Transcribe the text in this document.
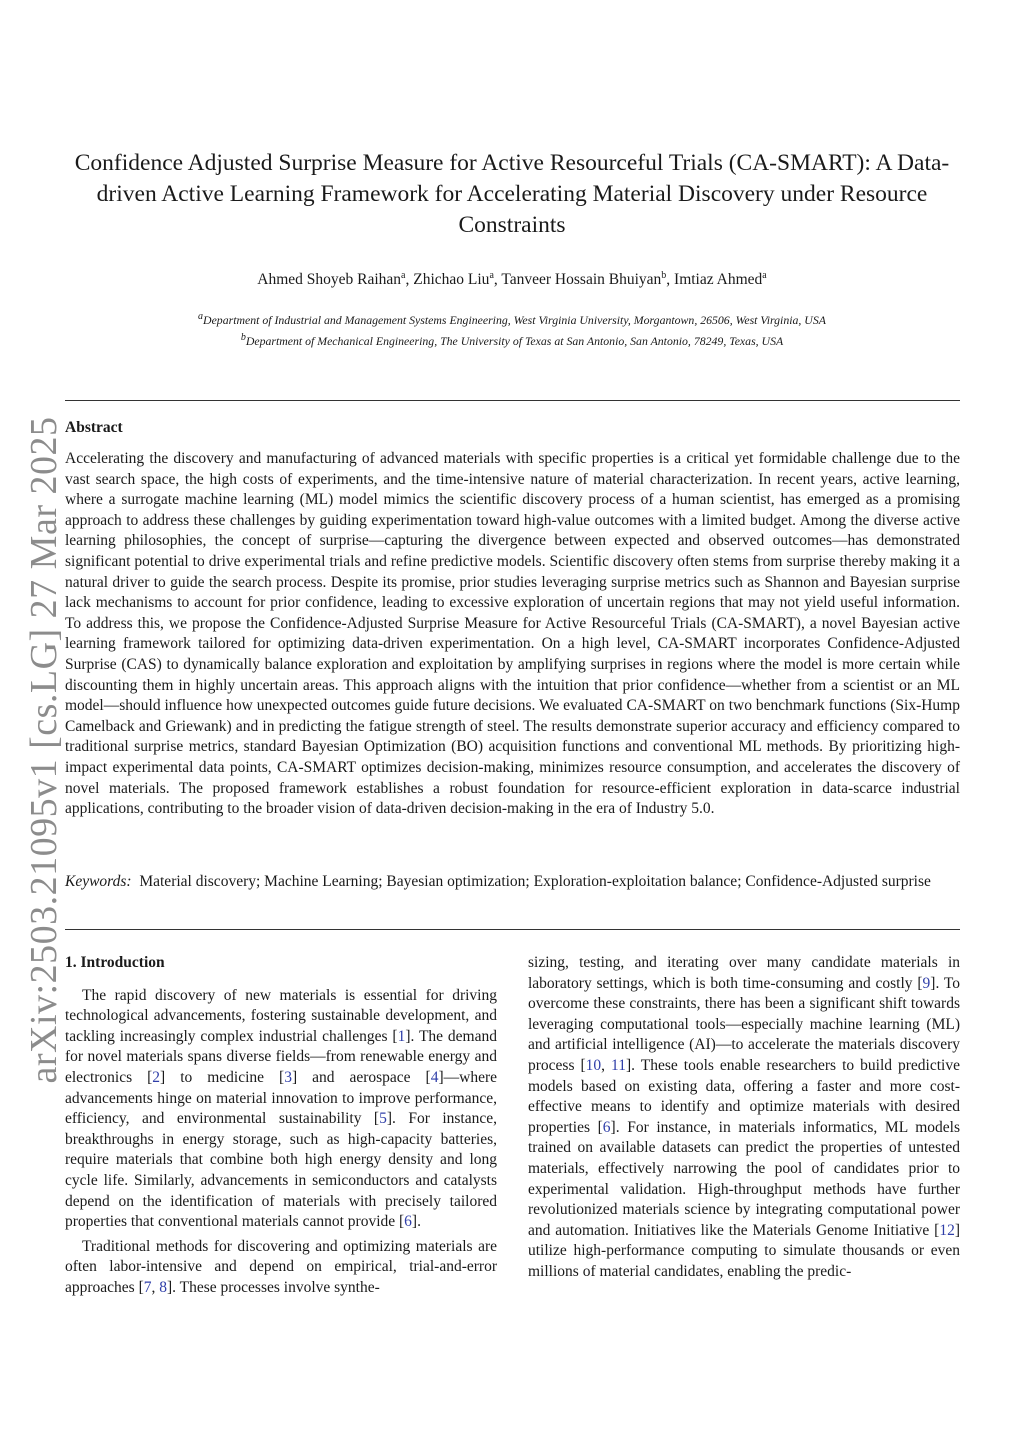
arXiv:2503.21095v1 [cs.LG] 27 Mar 2025
Confidence Adjusted Surprise Measure for Active Resourceful Trials (CA-SMART): A Data-driven Active Learning Framework for Accelerating Material Discovery under Resource Constraints
Ahmed Shoyeb Raihan$^a$, Zhichao Liu$^a$, Tanveer Hossain Bhuiyan$^b$, Imtiaz Ahmed$^a$
$^a$Department of Industrial and Management Systems Engineering, West Virginia University, Morgantown, 26506, West Virginia, USA
$^b$Department of Mechanical Engineering, The University of Texas at San Antonio, San Antonio, 78249, Texas, USA
Abstract
Accelerating the discovery and manufacturing of advanced materials with specific properties is a critical yet formidable challenge due to the vast search space, the high costs of experiments, and the time-intensive nature of material characterization. In recent years, active learning, where a surrogate machine learning (ML) model mimics the scientific discovery process of a human scientist, has emerged as a promising approach to address these challenges by guiding experimentation toward high-value outcomes with a limited budget. Among the diverse active learning philosophies, the concept of surprise—capturing the divergence between expected and observed outcomes—has demonstrated significant potential to drive experimental trials and refine predictive models. Scientific discovery often stems from surprise thereby making it a natural driver to guide the search process. Despite its promise, prior studies leveraging surprise metrics such as Shannon and Bayesian surprise lack mechanisms to account for prior confidence, leading to excessive exploration of uncertain regions that may not yield useful information. To address this, we propose the Confidence-Adjusted Surprise Measure for Active Resourceful Trials (CA-SMART), a novel Bayesian active learning framework tailored for optimizing data-driven experimentation. On a high level, CA-SMART incorporates Confidence-Adjusted Surprise (CAS) to dynamically balance exploration and exploitation by amplifying surprises in regions where the model is more certain while discounting them in highly uncertain areas. This approach aligns with the intuition that prior confidence—whether from a scientist or an ML model—should influence how unexpected outcomes guide future decisions. We evaluated CA-SMART on two benchmark functions (Six-Hump Camelback and Griewank) and in predicting the fatigue strength of steel. The results demonstrate superior accuracy and efficiency compared to traditional surprise metrics, standard Bayesian Optimization (BO) acquisition functions and conventional ML methods. By prioritizing high-impact experimental data points, CA-SMART optimizes decision-making, minimizes resource consumption, and accelerates the discovery of novel materials. The proposed framework establishes a robust foundation for resource-efficient exploration in data-scarce industrial applications, contributing to the broader vision of data-driven decision-making in the era of Industry 5.0.
Keywords: Material discovery; Machine Learning; Bayesian optimization; Exploration-exploitation balance; Confidence-Adjusted surprise
1. Introduction

The rapid discovery of new materials is essential for driving technological advancements, fostering sustainable development, and tackling increasingly complex industrial challenges [1]. The demand for novel materials spans diverse fields—from renewable energy and electronics [2] to medicine [3] and aerospace [4]—where advancements hinge on material innovation to improve performance, efficiency, and environmental sustainability [5]. For instance, breakthroughs in energy storage, such as high-capacity batteries, require materials that combine both high energy density and long cycle life. Similarly, advancements in semiconductors and catalysts depend on the identification of materials with precisely tailored properties that conventional materials cannot provide [6].

Traditional methods for discovering and optimizing materials are often labor-intensive and depend on empirical, trial-and-error approaches [7, 8]. These processes involve synthe-

sizing, testing, and iterating over many candidate materials in laboratory settings, which is both time-consuming and costly [9]. To overcome these constraints, there has been a significant shift towards leveraging computational tools—especially machine learning (ML) and artificial intelligence (AI)—to accelerate the materials discovery process [10, 11]. These tools enable researchers to build predictive models based on existing data, offering a faster and more cost-effective means to identify and optimize materials with desired properties [6]. For instance, in materials informatics, ML models trained on available datasets can predict the properties of untested materials, effectively narrowing the pool of candidates prior to experimental validation. High-throughput methods have further revolutionized materials science by integrating computational power and automation. Initiatives like the Materials Genome Initiative [12] utilize high-performance computing to simulate thousands or even millions of material candidates, enabling the predic-
